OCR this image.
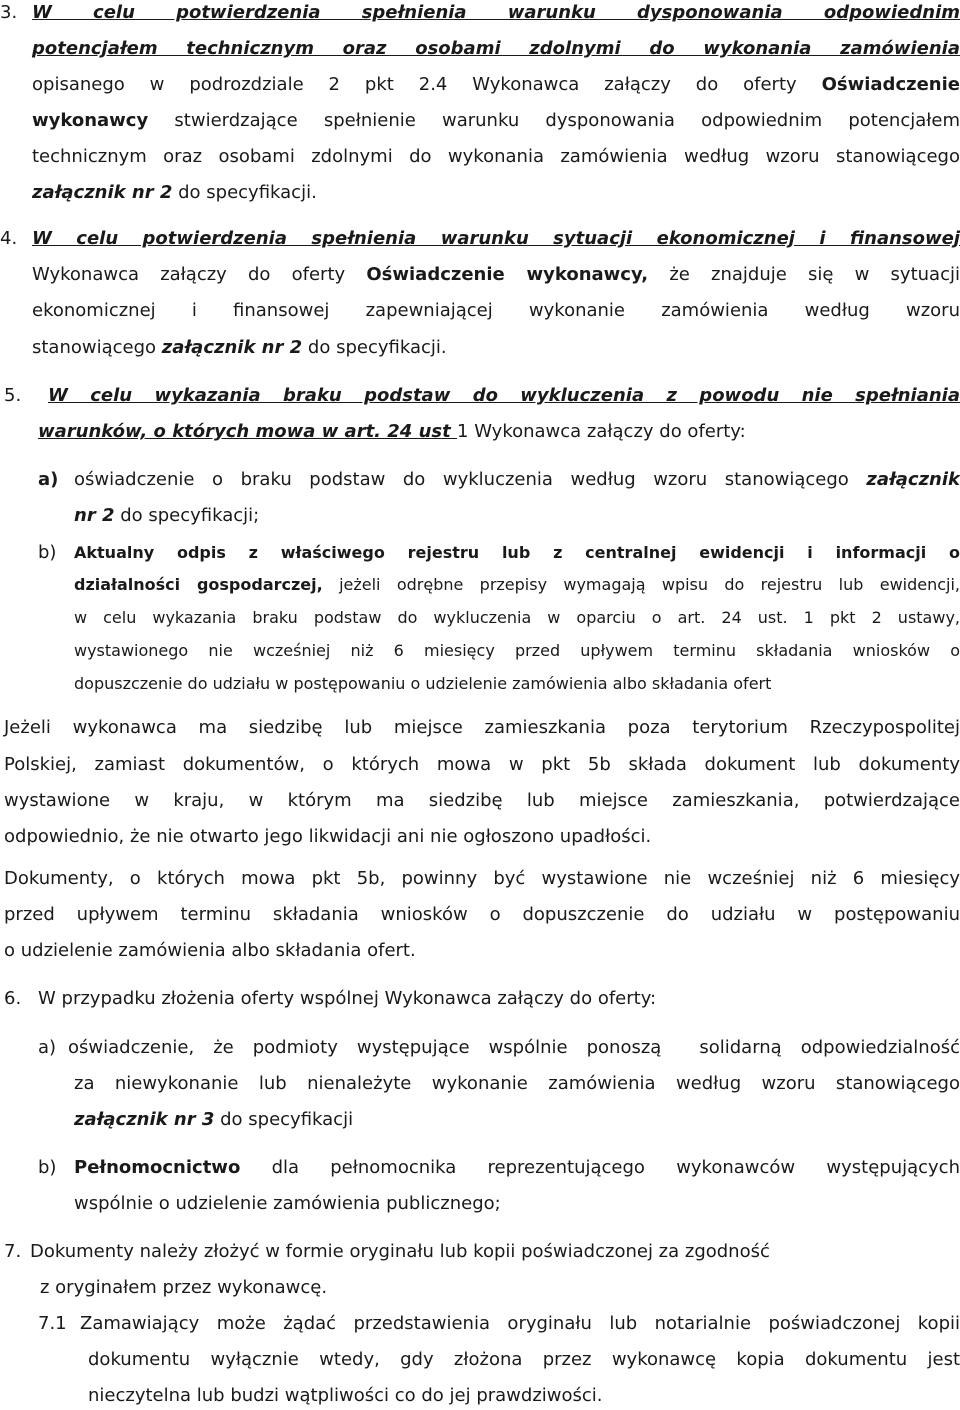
3. W celu potwierdzenia spełnienia warunku dysponowania odpowiednim
potencjałem technicznym oraz osobami zdolnymi do wykonania zamówienia
opisanego w podrozdziale 2 pkt 2.4 Wykonawca załączy do oferty Oświadczenie
wykonawcy stwierdzające spełnienie warunku dysponowania odpowiednim potencjałem
technicznym oraz osobami zdolnymi do wykonania zamówienia według wzoru stanowiącego
załącznik nr 2 do specyfikacji.
4. W celu potwierdzenia spełnienia warunku sytuacji ekonomicznej i finansowej
Wykonawca załączy do oferty Oświadczenie wykonawcy, że znajduje się w sytuacji
ekonomicznej i finansowej zapewniającej wykonanie zamówienia według wzoru
stanowiącego załącznik nr 2 do specyfikacji.
5. W celu wykazania braku podstaw do wykluczenia z powodu nie spełniania
warunków, o których mowa w art. 24 ust 1 Wykonawca załączy do oferty:
a) oświadczenie o braku podstaw do wykluczenia według wzoru stanowiącego załącznik
nr 2 do specyfikacji;
b) Aktualny odpis z właściwego rejestru lub z centralnej ewidencji i informacji o
działalności gospodarczej, jeżeli odrębne przepisy wymagają wpisu do rejestru lub ewidencji,
w celu wykazania braku podstaw do wykluczenia w oparciu o art. 24 ust. 1 pkt 2 ustawy,
wystawionego nie wcześniej niż 6 miesięcy przed upływem terminu składania wniosków o
dopuszczenie do udziału w postępowaniu o udzielenie zamówienia albo składania ofert
Jeżeli wykonawca ma siedzibę lub miejsce zamieszkania poza terytorium Rzeczypospolitej
Polskiej, zamiast dokumentów, o których mowa w pkt 5b składa dokument lub dokumenty
wystawione w kraju, w którym ma siedzibę lub miejsce zamieszkania, potwierdzające
odpowiednio, że nie otwarto jego likwidacji ani nie ogłoszono upadłości.
Dokumenty, o których mowa pkt 5b, powinny być wystawione nie wcześniej niż 6 miesięcy
przed upływem terminu składania wniosków o dopuszczenie do udziału w postępowaniu
o udzielenie zamówienia albo składania ofert.
6. W przypadku złożenia oferty wspólnej Wykonawca załączy do oferty:
a) oświadczenie, że podmioty występujące wspólnie ponoszą  solidarną odpowiedzialność
za niewykonanie lub nienależyte wykonanie zamówienia według wzoru stanowiącego
załącznik nr 3 do specyfikacji
b) Pełnomocnictwo dla pełnomocnika reprezentującego wykonawców występujących
wspólnie o udzielenie zamówienia publicznego;
7. Dokumenty należy złożyć w formie oryginału lub kopii poświadczonej za zgodność
z oryginałem przez wykonawcę.
7.1 Zamawiający może żądać przedstawienia oryginału lub notarialnie poświadczonej kopii
dokumentu wyłącznie wtedy, gdy złożona przez wykonawcę kopia dokumentu jest
nieczytelna lub budzi wątpliwości co do jej prawdziwości.
